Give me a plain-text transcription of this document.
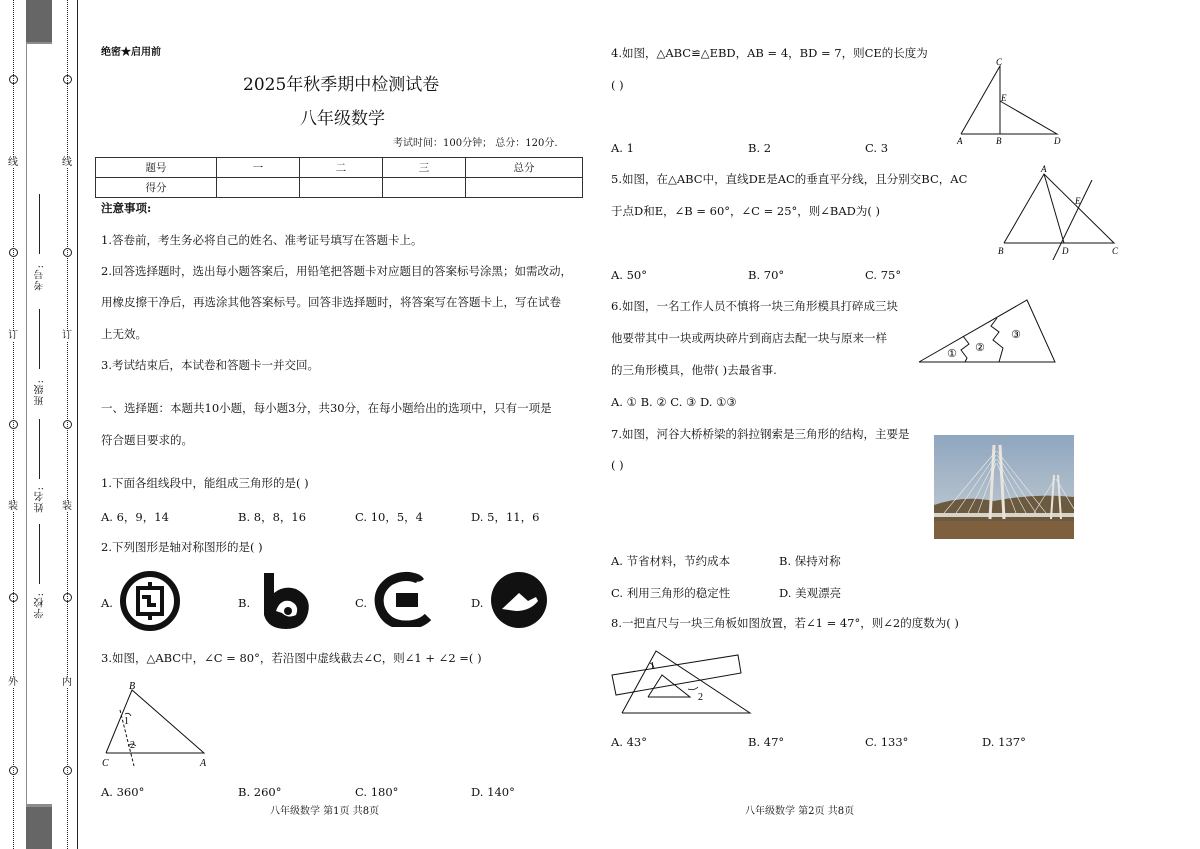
线
订
装
外
学校:
姓名:
班级:
考号:
线
订
装
内
绝密★启用前
2025年秋季期中检测试卷
八年级数学
考试时间：100分钟； 总分：120分.
题号	一	二	三	总分
得分				
注意事项:
1.答卷前，考生务必将自己的姓名、准考证号填写在答题卡上。
2.回答选择题时，选出每小题答案后，用铅笔把答题卡对应题目的答案标号涂黑；如需改动，
用橡皮擦干净后，再选涂其他答案标号。回答非选择题时，将答案写在答题卡上，写在试卷
上无效。
3.考试结束后，本试卷和答题卡一并交回。
一、选择题：本题共10小题，每小题3分，共30分，在每小题给出的选项中，只有一项是
符合题目要求的。
1.下面各组线段中，能组成三角形的是( )
A. 6，9，14	B. 8，8，16	C. 10，5，4	D. 5，11，6
2.下列图形是轴对称图形的是( )
A.	B.	C.	D.
3.如图，△ABC中，∠C = 80°，若沿图中虚线截去∠C，则∠1 + ∠2 =( )
B
1
2
C	A
A. 360°	B. 260°	C. 180°	D. 140°
八年级数学 第1页 共8页
4.如图，△ABC≌△EBD，AB = 4，BD = 7，则CE的长度为
( )
C
E
A	B	D
A. 1	B. 2	C. 3
5.如图，在△ABC中，直线DE是AC的垂直平分线，且分别交BC，AC
于点D和E，∠B = 60°，∠C = 25°，则∠BAD为( )
A
E
B	D	C
A. 50°	B. 70°	C. 75°
6.如图，一名工作人员不慎将一块三角形模具打碎成三块
他要带其中一块或两块碎片到商店去配一块与原来一样
的三角形模具，他带( )去最省事.
① ②
③
A. ① B. ② C. ③ D. ①③
7.如图，河谷大桥桥梁的斜拉钢索是三角形的结构，主要是
( )
A. 节省材料，节约成本	B. 保持对称
C. 利用三角形的稳定性	D. 美观漂亮
8.一把直尺与一块三角板如图放置，若∠1 = 47°，则∠2的度数为( )
1
2
A. 43°	B. 47°	C. 133°	D. 137°
八年级数学 第2页 共8页
